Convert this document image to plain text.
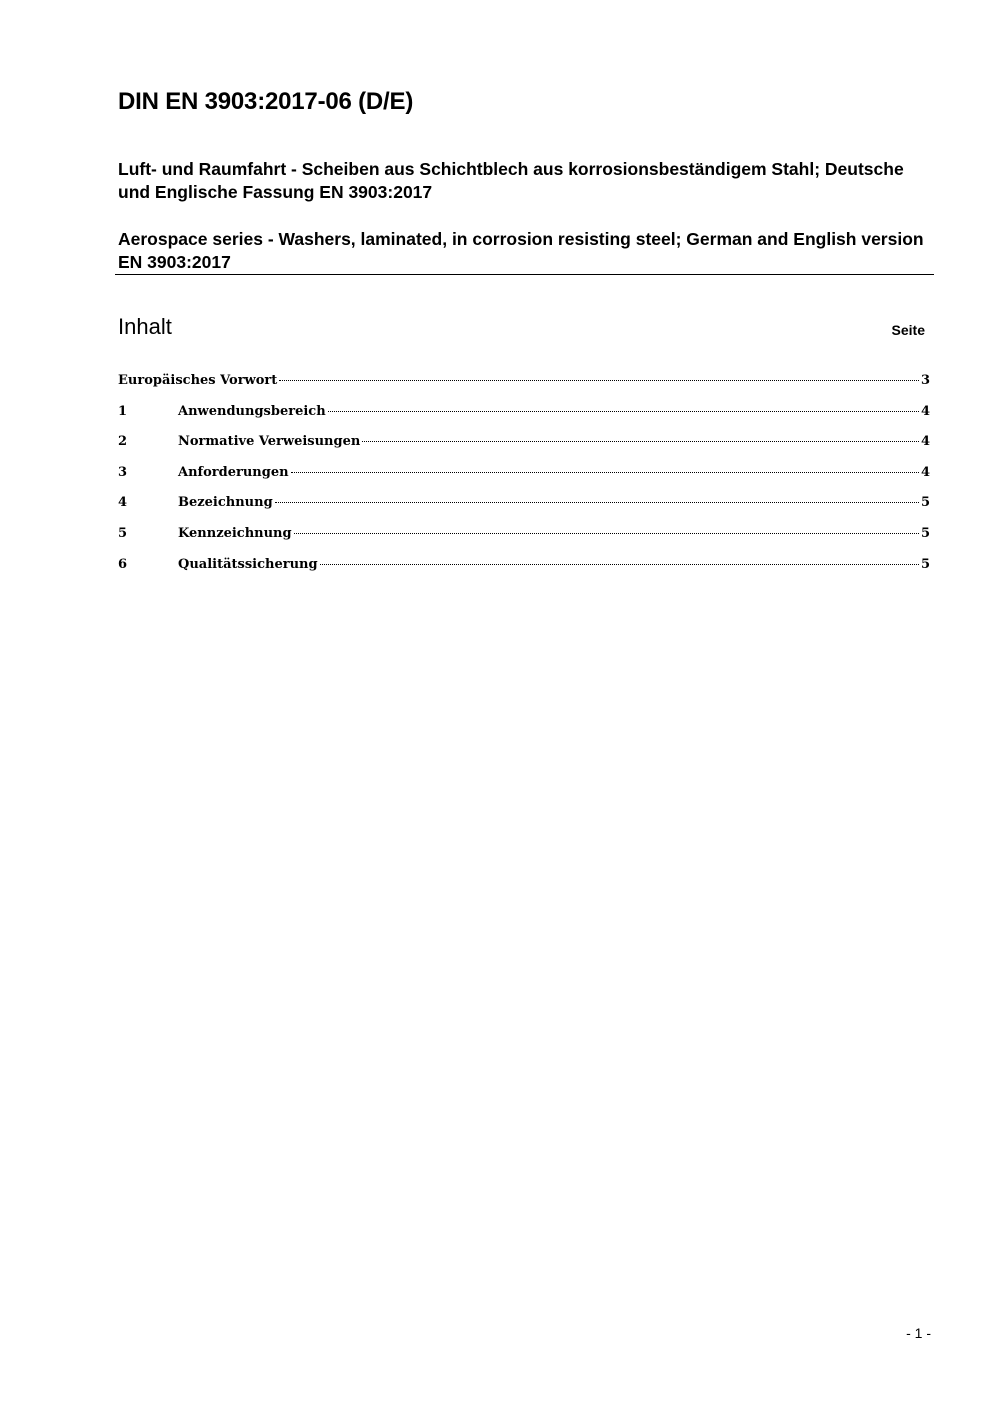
DIN EN 3903:2017-06 (D/E)

Luft- und Raumfahrt - Scheiben aus Schichtblech aus korrosionsbeständigem Stahl; Deutsche und Englische Fassung EN 3903:2017

Aerospace series - Washers, laminated, in corrosion resisting steel; German and English version EN 3903:2017

Inhalt	Seite
Europäisches Vorwort	3
1	Anwendungsbereich	4
2	Normative Verweisungen	4
3	Anforderungen	4
4	Bezeichnung	5
5	Kennzeichnung	5
6	Qualitätssicherung	5
- 1 -
